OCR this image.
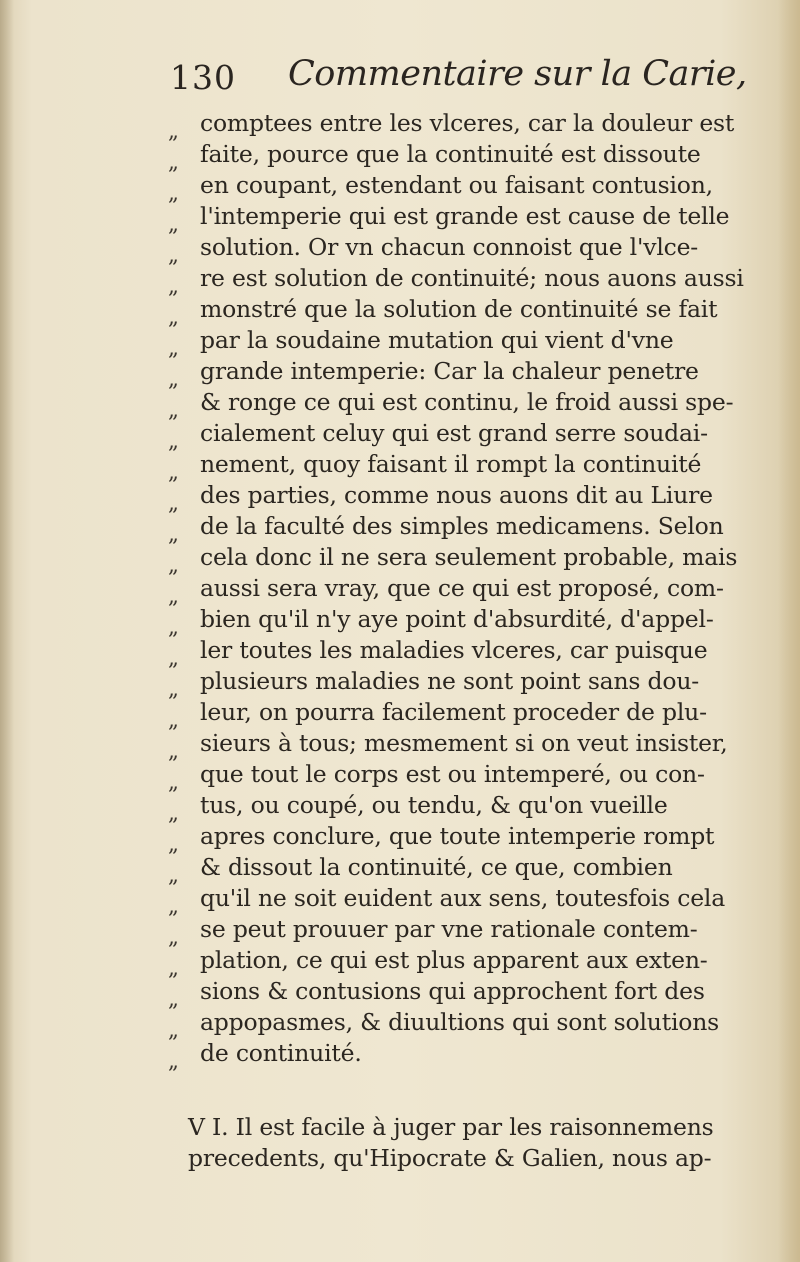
130 Commentaire sur la Carie,
comptees entre les vlceres, car la douleur est
faite, pource que la continuité est dissoute
en coupant, estendant ou faisant contusion,
l'intemperie qui est grande est cause de telle
solution. Or vn chacun connoist que l'vlce-
re est solution de continuité; nous auons aussi
monstré que la solution de continuité se fait
par la soudaine mutation qui vient d'vne
grande intemperie: Car la chaleur penetre
& ronge ce qui est continu, le froid aussi spe-
cialement celuy qui est grand serre soudai-
nement, quoy faisant il rompt la continuité
des parties, comme nous auons dit au Liure
de la faculté des simples medicamens. Selon
cela donc il ne sera seulement probable, mais
aussi sera vray, que ce qui est proposé, com-
bien qu'il n'y aye point d'absurdité, d'appel-
ler toutes les maladies vlceres, car puisque
plusieurs maladies ne sont point sans dou-
leur, on pourra facilement proceder de plu-
sieurs à tous; mesmement si on veut insister,
que tout le corps est ou intemperé, ou con-
tus, ou coupé, ou tendu, & qu'on vueille
apres conclure, que toute intemperie rompt
& dissout la continuité, ce que, combien
qu'il ne soit euident aux sens, toutesfois cela
se peut prouuer par vne rationale contem-
plation, ce qui est plus apparent aux exten-
sions & contusions qui approchent fort des
appopasmes, & diuultions qui sont solutions
de continuité.
„
„
„
„
„
„
„
„
„
„
„
„
„
„
„
„
„
„
„
„
„
„
„
„
„
„
„
„
„
„
„
V I. Il est facile à juger par les raisonnemens
precedents, qu'Hipocrate & Galien, nous ap-
